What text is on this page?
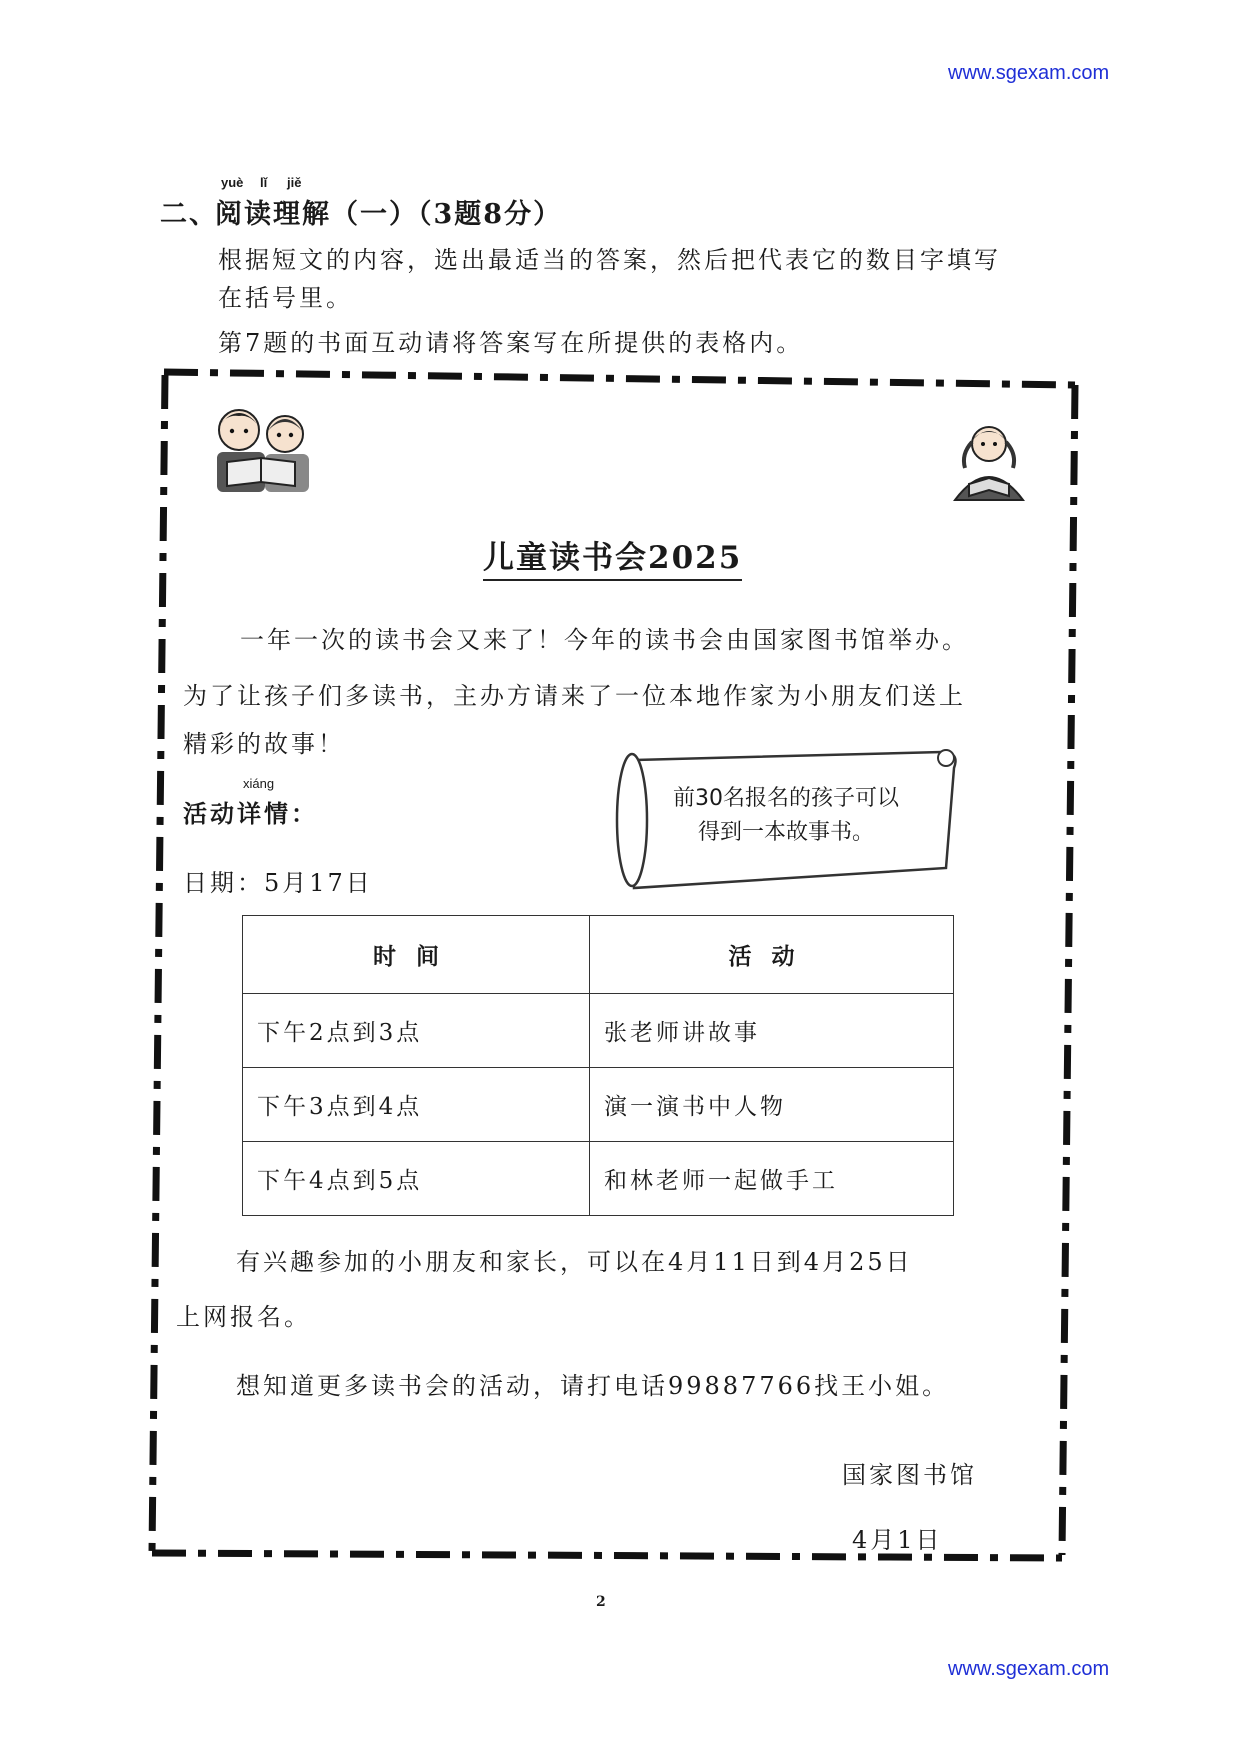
www.sgexam.com
www.sgexam.com
二、
yuè lǐ jiě
阅读理解（一）（3题8分）
根据短文的内容，选出最适当的答案，然后把代表它的数目字填写
在括号里。
第7题的书面互动请将答案写在所提供的表格内。
儿童读书会2025
一年一次的读书会又来了！今年的读书会由国家图书馆举办。
为了让孩子们多读书，主办方请来了一位本地作家为小朋友们送上
精彩的故事！
xiáng
活动详情：
日期：5月17日
前30名报名的孩子可以
得到一本故事书。
时间	活动
下午2点到3点	张老师讲故事
下午3点到4点	演一演书中人物
下午4点到5点	和林老师一起做手工
有兴趣参加的小朋友和家长，可以在4月11日到4月25日
上网报名。
想知道更多读书会的活动，请打电话99887766找王小姐。
国家图书馆
4月1日
2
